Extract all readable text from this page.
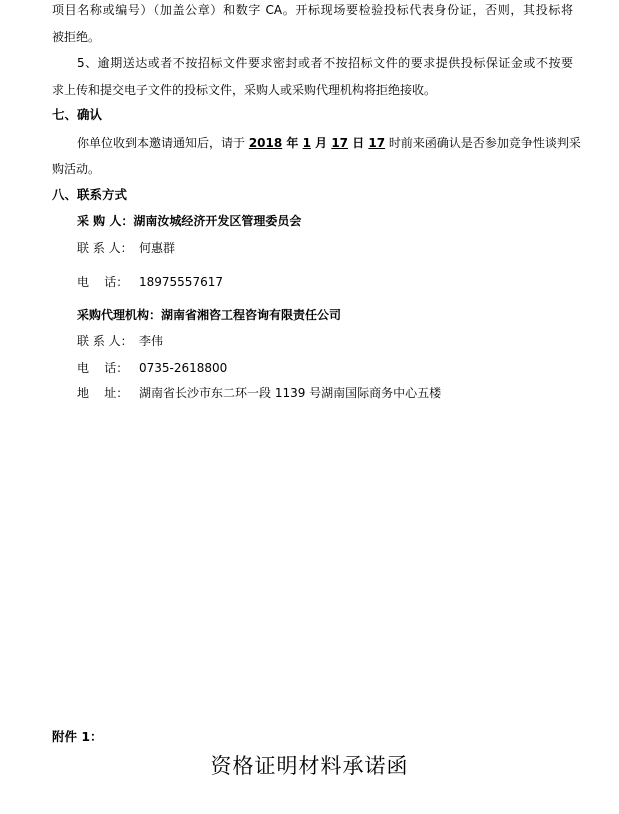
项目名称或编号）（加盖公章）和数字 CA。开标现场要检验投标代表身份证，否则，其投标将
被拒绝。
5、逾期送达或者不按招标文件要求密封或者不按招标文件的要求提供投标保证金或不按要
求上传和提交电子文件的投标文件，采购人或采购代理机构将拒绝接收。
七、确认
你单位收到本邀请通知后，请于 2018 年 1 月 17 日 17 时前来函确认是否参加竞争性谈判采
购活动。
八、联系方式
采 购 人：湖南汝城经济开发区管理委员会
联 系 人： 何惠群
电    话： 18975557617
采购代理机构：湖南省湘咨工程咨询有限责任公司
联 系 人： 李伟
电    话： 0735-2618800
地    址： 湖南省长沙市东二环一段 1139 号湖南国际商务中心五楼
附件 1：
资格证明材料承诺函
